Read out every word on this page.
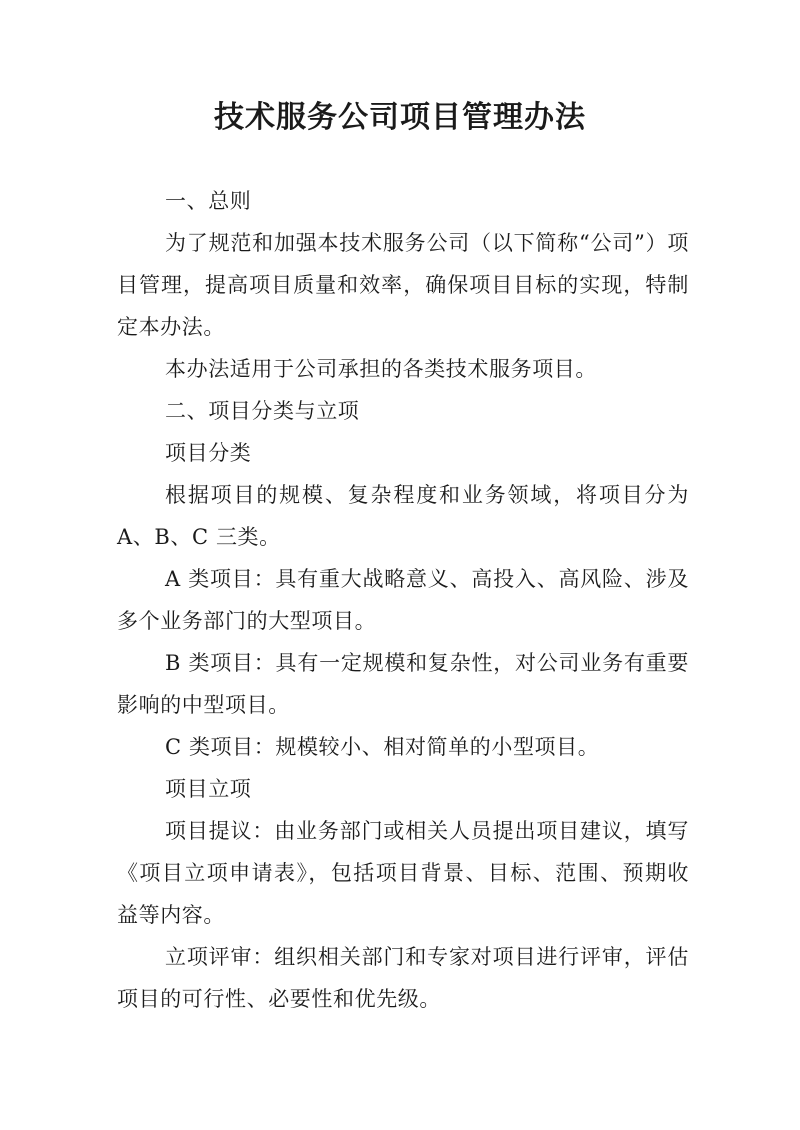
技术服务公司项目管理办法

一、总则

为了规范和加强本技术服务公司（以下简称“公司”）项目管理，提高项目质量和效率，确保项目目标的实现，特制定本办法。

本办法适用于公司承担的各类技术服务项目。

二、项目分类与立项

项目分类

根据项目的规模、复杂程度和业务领域，将项目分为 A、B、C 三类。

A 类项目：具有重大战略意义、高投入、高风险、涉及多个业务部门的大型项目。

B 类项目：具有一定规模和复杂性，对公司业务有重要影响的中型项目。

C 类项目：规模较小、相对简单的小型项目。

项目立项

项目提议：由业务部门或相关人员提出项目建议，填写《项目立项申请表》，包括项目背景、目标、范围、预期收益等内容。

立项评审：组织相关部门和专家对项目进行评审，评估项目的可行性、必要性和优先级。
